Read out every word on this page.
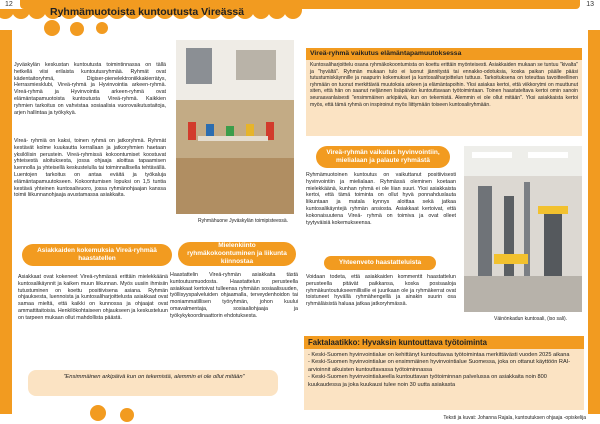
12	13
Ryhmämuotoista kuntoutusta Vireässä
Jyväskylän keskustan kuntoutusta toimintinnassa on tällä hetkellä viisi erilaista kuntoutusryhmää. Ryhmät ovat kädentaitoryhmä, Digiser-pienelektroniikkakierrätys, Herrasmiesklubi, Vireä-ryhmä ja Hyvinvointia arkeen-ryhmä. Vireä-ryhmä ja Hyvinvointia arkeen-ryhmä ovat elämäntapamuotoista kuntoutusta Vireä-ryhmä. Kaikkien ryhmien tarkoitus on vahvistaa sosiaalisia vuorovaikutustaitoja, arjen hallintaa ja työkykyä.
Ryhmähuone Jyväskylän toimipisteessä.
Vireä- ryhmiä on kaksi, toinen ryhmä on jatkoryhmä. Ryhmät kestävät kolme kuukautta kerrallaan ja jatkoryhmien haetaan yksilölisin perustein. Vireä-ryhmissä kokoontumiset koostuvat yhteisestä aloituksesta, jossa ohjaaja aloittaa tapaamisen luennolla ja yhteisellä keskustelulla tai toiminnallisella tehtävällä. Luentojen tarkoitus on antaa eväitä ja työkaluja elämäntapamuutokseen. Kokoontumisen lopuksi on 1,5 tuntia kestävä yhteinen kuntosalivuoro, jossa ryhmänohjaajan kanssa toimii liikunnanohjaaja avustamassa asiakkaita.
Asiakkaiden kokemuksia Vireä-ryhmää haastatellen
Asiakkaat ovat kokeneet Vireä-ryhmässä erittäin mielekkäänä kuntosalikäynnit ja kaiken muun liikunnan. Myös uusiin ihmisiin tutustuminen on koettu positiivisena asiana. Ryhmän ohjauksesta, luennoista ja kuntosaliharjoittelusta asiakkaat ovat samaa mieltä, että kaikki on kunnossa ja ohjaajat ovat ammattitaitoisia. Henkilökohtaiseen ohjaukseen ja keskusteluun on tarpeen mukaan ollut mahdollista päästä.
Mielenkiinto ryhmäkokoontuminen ja liikunta kiinnostaa
Haastattelin Vireä-ryhmän asiakkaita tästä kuntoutusmuodosta. Haastattelun perusteella asiakkaat kertoivat tulleensa ryhmään sosiaalisuuden, työllisyyspalveluiden ohjaamalla, terveydenhoidon tai moniammatillisen työryhmän, johon kuului omavalmentaja, sosiaaliohjaaja ja työkykykoordinaattorin ehdotuksesta.
"Ensimmäinen arkipäivä kun on tekemistä, alemmin ei ole ollut mitään"
Vireä-ryhmä vaikutus elämäntapamuutoksessa
Kuntosaliharjoittelu osana ryhmäkokoontumista on koettu erittäin myönteisesti. Asiakkaiden mukaan se tuntuu "kivalta" ja "hyvältä". Ryhmän mukaan tulo ei luonut jännitystä tai ennakko-odotuksia, koska paikan päälle pääsi tutustumiskäynnille ja naapurin kokemukset ja kuntosaliharjoittelun tuttuus. Tarkoituksena on toteuttaa tavoitteellinen ryhmään on tuonut merkittäviä muutoksia arkeen ja elämäntapoihin. Yksi asiakas kertoi, että viikkorytmi on muuttunut siten, että hän on saanut neljännen lisäpäivän kuntouttavaan työtoimintaan. Toinen haastateltava kertoi omin sanoin seuraavanlaisesti "ensimmäinen arkipäivä, kun on tekemistä. Alemmin ei ole ollut mitään". Yksi asiakkaista kertoi myös, että tämä ryhmä on inspiroinut myös liittymään toiseen kuntosaliryhmään.
Vireä-ryhmän vaikutus hyvinvointiin, mielialaan ja palaute ryhmästä
Ryhmämuotoinen kuntoutus on vaikuttanut positiivisesti hyvinvointiin ja mielialaan. Ryhmässä oleminen koetaan mielekkäänä, kunhan ryhmä ei ole liian suuri. Yksi asiakkaista kertoi, että tämä toiminta on ollut hyvä ponnahduslauta liikuntaan ja matala kynnys aloittaa sekä jatkaa kuntosalikäyntejä ryhmän ansiosta. Asiakkaat kertoivat, että kokonaisuutena Vireä- ryhmä on toimiva ja ovat olleet tyytyväisiä kokemukseensa.
Yhteenveto haastatteluista
Voidaan todeta, että asiakkaiden kommentit haastattelun perusteella pitävät paikkansa, koska posisaaloja ryhmäkuntoutukseemillisille ei juurikaan ole ja ryhmäkerrat ovat toistuneet hyvällä ryhmähengellä ja ainakin suurin osa ryhmäläisistä haluaa jatkaa jatkoryhmässä.
Väinönkadun kuntosali, (iso sali).
Faktalaatikko: Hyvaksin kuntouttava työtoiminta
- Keski-Suomen hyvinvointialue on kehittänyt kuntouttavaa työtoimintaa merkittävästi vuoden 2025 aikana
- Keski-Suomen hyvinvointialue on ensimmäinen hyvinvointialue Suomessa, joka on ottanut käyttöön RAI-arvioinnit aikuisten kuntouttavassa työtoiminnassa
- Keski-Suomen hyvinvointialueella kuntouttavan työtoiminnan palvelussa on asiakkaita noin 800 kuukaudessa ja joka kuukausi tulee noin 30 uutta asiakasta
Teksti ja kuvat: Johanna Rajala, kuntoutuksen ohjaaja -opiskelija
